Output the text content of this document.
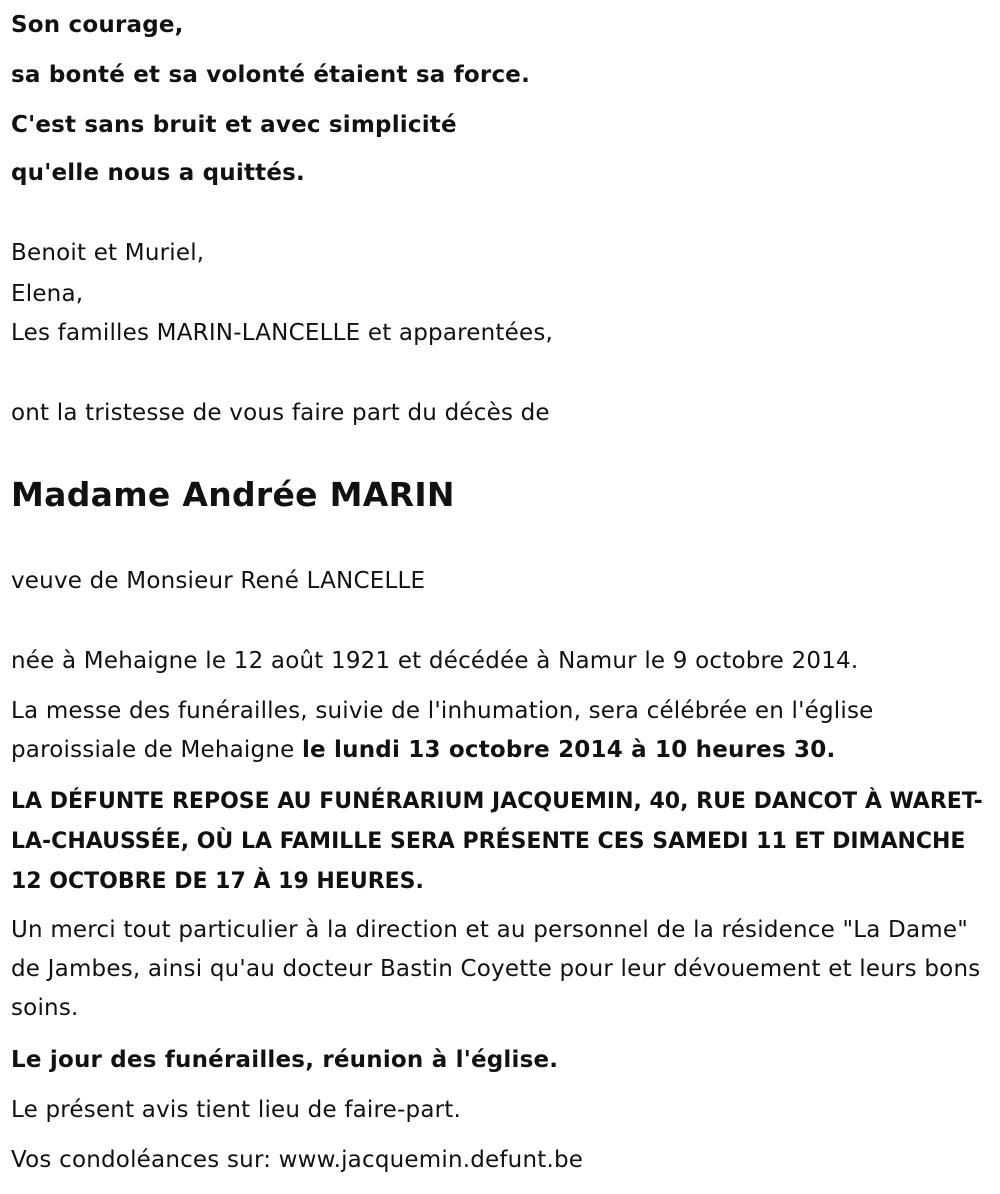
Son courage,
sa bonté et sa volonté étaient sa force.
C'est sans bruit et avec simplicité
qu'elle nous a quittés.
Benoit et Muriel,
Elena,
Les familles MARIN-LANCELLE et apparentées,
ont la tristesse de vous faire part du décès de
Madame Andrée MARIN
veuve de Monsieur René LANCELLE
née à Mehaigne le 12 août 1921 et décédée à Namur le 9 octobre 2014.
La messe des funérailles, suivie de l'inhumation, sera célébrée en l'église paroissiale de Mehaigne le lundi 13 octobre 2014 à 10 heures 30.
LA DÉFUNTE REPOSE AU FUNÉRARIUM JACQUEMIN, 40, RUE DANCOT À WARET-LA-CHAUSSÉE, OÙ LA FAMILLE SERA PRÉSENTE CES SAMEDI 11 ET DIMANCHE 12 OCTOBRE DE 17 À 19 HEURES.
Un merci tout particulier à la direction et au personnel de la résidence "La Dame" de Jambes, ainsi qu'au docteur Bastin Coyette pour leur dévouement et leurs bons soins.
Le jour des funérailles, réunion à l'église.
Le présent avis tient lieu de faire-part.
Vos condoléances sur: www.jacquemin.defunt.be
